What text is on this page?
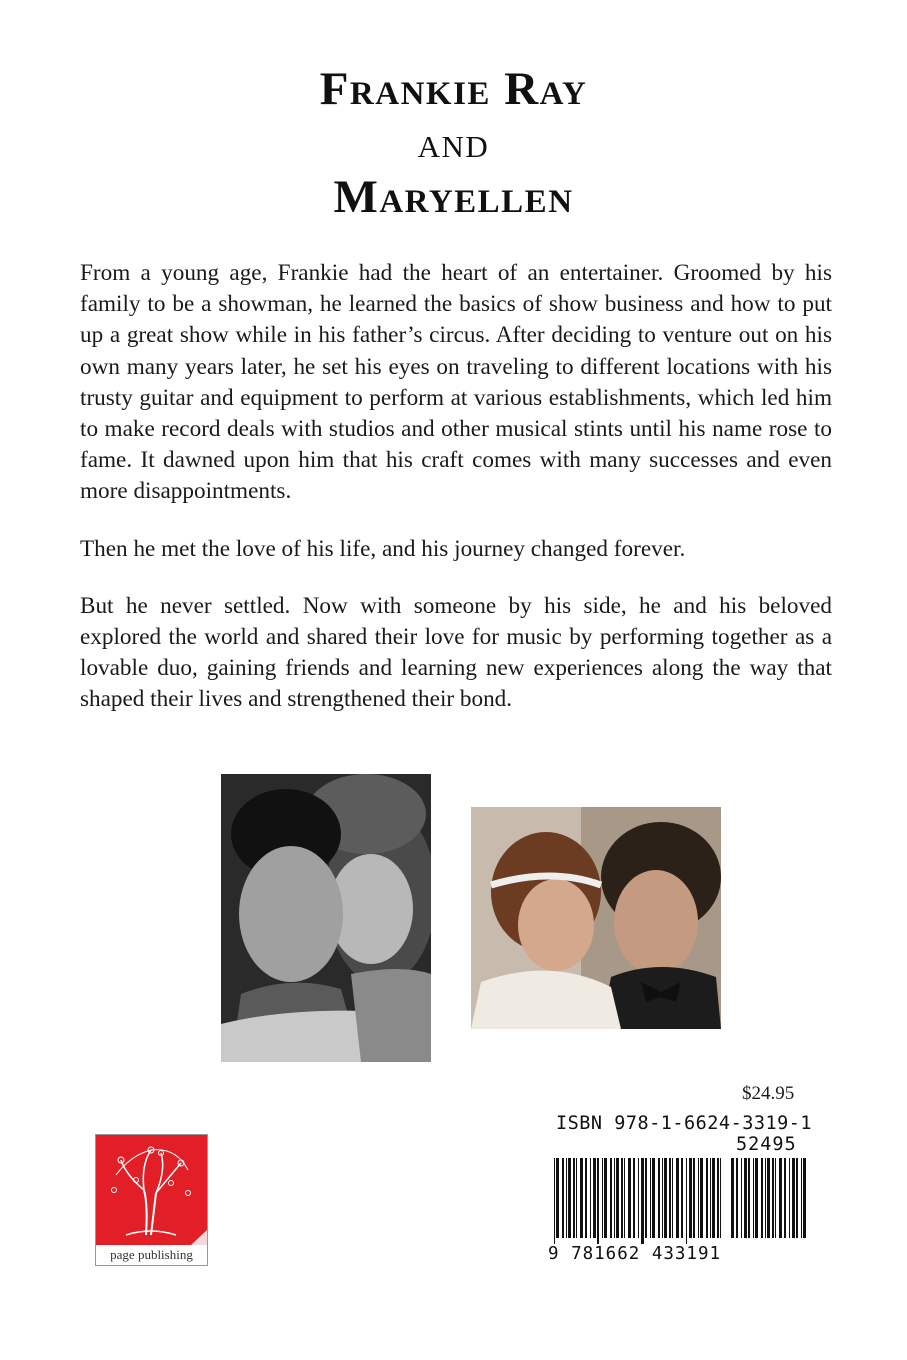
Frankie Ray
and
Maryellen

From a young age, Frankie had the heart of an entertainer. Groomed by his family to be a showman, he learned the basics of show business and how to put up a great show while in his father’s circus. After deciding to venture out on his own many years later, he set his eyes on traveling to different locations with his trusty guitar and equipment to perform at various establishments, which led him to make record deals with studios and other musical stints until his name rose to fame. It dawned upon him that his craft comes with many successes and even more disappointments.

Then he met the love of his life, and his journey changed forever.

But he never settled. Now with someone by his side, he and his beloved explored the world and shared their love for music by performing together as a lovable duo, gaining friends and learning new experiences along the way that shaped their lives and strengthened their bond.

$24.95
ISBN 978-1-6624-3319-1
52495
9 781662 433191
page publishing
